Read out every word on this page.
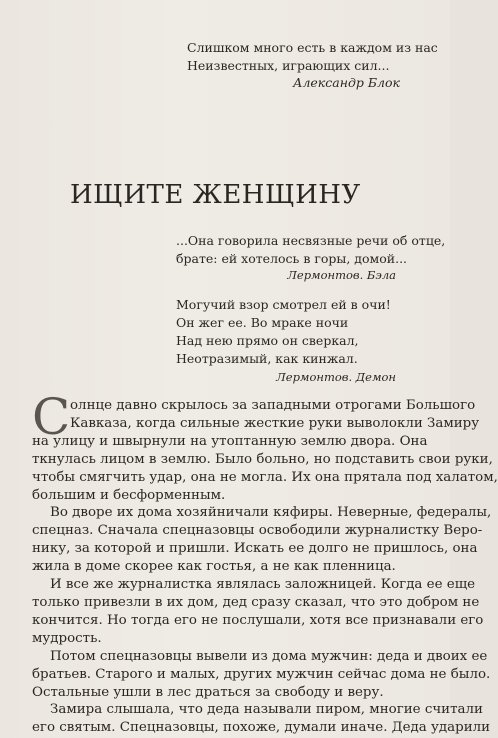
Слишком много есть в каждом из нас
Неизвестных, играющих сил...
Александр Блок
ИЩИТЕ ЖЕНЩИНУ
...Она говорила несвязные речи об отце,
брате: ей хотелось в горы, домой...
Лермонтов. Бэла
Могучий взор смотрел ей в очи!
Он жег ее. Во мраке ночи
Над нею прямо он сверкал,
Неотразимый, как кинжал.
Лермонтов. Демон
С олнце давно скрылось за западными отрогами Большого
Кавказа, когда сильные жесткие руки выволокли Замиру
на улицу и швырнули на утоптанную землю двора. Она
ткнулась лицом в землю. Было больно, но подставить свои руки,
чтобы смягчить удар, она не могла. Их она прятала под халатом,
большим и бесформенным.
Во дворе их дома хозяйничали кяфиры. Неверные, федералы,
спецназ. Сначала спецназовцы освободили журналистку Веро-
нику, за которой и пришли. Искать ее долго не пришлось, она
жила в доме скорее как гостья, а не как пленница.
И все же журналистка являлась заложницей. Когда ее еще
только привезли в их дом, дед сразу сказал, что это добром не
кончится. Но тогда его не послушали, хотя все признавали его
мудрость.
Потом спецназовцы вывели из дома мужчин: деда и двоих ее
братьев. Старого и малых, других мужчин сейчас дома не было.
Остальные ушли в лес драться за свободу и веру.
Замира слышала, что деда называли пиром, многие считали
его святым. Спецназовцы, похоже, думали иначе. Деда ударили
